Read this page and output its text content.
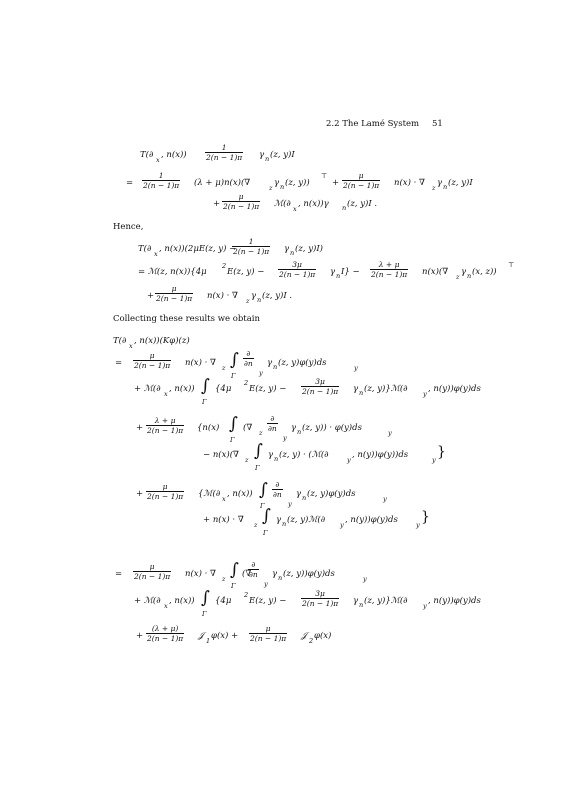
2.2 The Lamé System 51
T(∂ x , $n(x)) \frac{1}{2(n - 1)\pi}$ γ n (z, y)I
= $\frac{1}{2(n - 1)\pi} (\lambda + \mu)n(x)(\nabla$	z γ n (z, y))
⊤
+ $\frac{\mu}{2(n - 1)\pi} n(x)$ · ∇ z γ n (z, y)I
+ $\frac{\mu}{2(n - 1)\pi}$ ℳ(∂ x , n(x))γ n (z, y)I .
Hence,
T(∂ x , n(x))(2μE(z, y) −
$\frac{1}{2(n - 1)\pi}$ γ n (z, y)I)
= ℳ(z, n(x)){4μ
2
E(z, $y) - \frac{3\mu}{2(n - 1)\pi}$ γ n $I\} - \frac{\lambda + \mu}{2(n - 1)\pi} n(x)(\nabla$ z γ n (x, z))
⊤
+ $\frac{\mu}{2(n - 1)\pi} n(x)$ · ∇ z γ n (z, y)I .
Collecting these results we obtain
T(∂ x , n(x))(Kφ)(z)
= $\frac{\mu}{2(n - 1)\pi} n(x)$ · ∇ z ∫
Γ
∂
∂n
y
γ n (z, y)φ(y)ds	y
+ ℳ(∂ x , n(x)) ∫
Γ
{4μ
2
E(z, $y) - \frac{3\mu}{2(n - 1)\pi}$ γ n (z, y)}ℳ(∂ y , n(y))φ(y)ds
+ $\frac{\lambda + \mu}{2(n - 1)\pi} \{n(x)$ ∫
Γ
(∇ z
∂
∂n
y
γ n (z, y)) · φ(y)ds	y
− n(x)(∇ z ∫
Γ
γ n (z, y) · (ℳ(∂	y , n(y))φ(y))ds	y }
+ $\frac{\mu}{2(n - 1)\pi}$ {ℳ(∂ x , n(x)) ∫
Γ
∂
∂n
y
γ n (z, y)φ(y)ds	y
+ n(x) · ∇ z ∫
Γ
γ n (z, y)ℳ(∂ y , n(y))φ(y)ds	y }
= $\frac{\mu}{2(n - 1)\pi} n(x)$ · ∇ z ∫
Γ
(∇
∂
∂n
y
γ n (z, y))φ(y)ds	y
+ ℳ(∂ x , n(x)) ∫
Γ
{4μ
2
E(z, $y) - \frac{3\mu}{2(n - 1)\pi}$ γ n (z, y)}ℳ(∂ y , n(y))φ(y)ds
+ $\frac{(\lambda + \mu)}{2(n - 1)\pi}$ 𝒥 1 $\varphi(x) + \frac{\mu}{2(n - 1)\pi}$ 𝒥 2 φ(x)
